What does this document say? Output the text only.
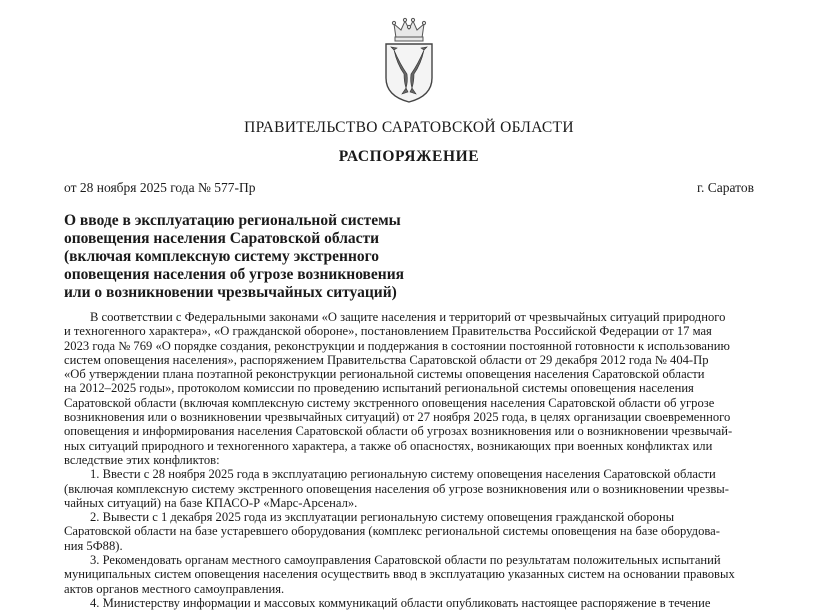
ПРАВИТЕЛЬСТВО САРАТОВСКОЙ ОБЛАСТИ
РАСПОРЯЖЕНИЕ
от 28 ноября 2025 года № 577-Пр	г. Саратов
О вводе в эксплуатацию региональной системы
оповещения населения Саратовской области
(включая комплексную систему экстренного
оповещения населения об угрозе возникновения
или о возникновении чрезвычайных ситуаций)
В соответствии с Федеральными законами «О защите населения и территорий от чрезвычайных ситуаций природного
и техногенного характера», «О гражданской обороне», постановлением Правительства Российской Федерации от 17 мая
2023 года № 769 «О порядке создания, реконструкции и поддержания в состоянии постоянной готовности к использованию
систем оповещения населения», распоряжением Правительства Саратовской области от 29 декабря 2012 года № 404-Пр
«Об утверждении плана поэтапной реконструкции региональной системы оповещения населения Саратовской области
на 2012–2025 годы», протоколом комиссии по проведению испытаний региональной системы оповещения населения
Саратовской области (включая комплексную систему экстренного оповещения населения Саратовской области об угрозе
возникновения или о возникновении чрезвычайных ситуаций) от 27 ноября 2025 года, в целях организации своевременного
оповещения и информирования населения Саратовской области об угрозах возникновения или о возникновении чрезвычай-
ных ситуаций природного и техногенного характера, а также об опасностях, возникающих при военных конфликтах или
вследствие этих конфликтов:
1. Ввести с 28 ноября 2025 года в эксплуатацию региональную систему оповещения населения Саратовской области
(включая комплексную систему экстренного оповещения населения об угрозе возникновения или о возникновении чрезвы-
чайных ситуаций) на базе КПАСО-Р «Марс-Арсенал».
2. Вывести с 1 декабря 2025 года из эксплуатации региональную систему оповещения гражданской обороны
Саратовской области на базе устаревшего оборудования (комплекс региональной системы оповещения на базе оборудова-
ния 5Ф88).
3. Рекомендовать органам местного самоуправления Саратовской области по результатам положительных испытаний
муниципальных систем оповещения населения осуществить ввод в эксплуатацию указанных систем на основании правовых
актов органов местного самоуправления.
4. Министерству информации и массовых коммуникаций области опубликовать настоящее распоряжение в течение
